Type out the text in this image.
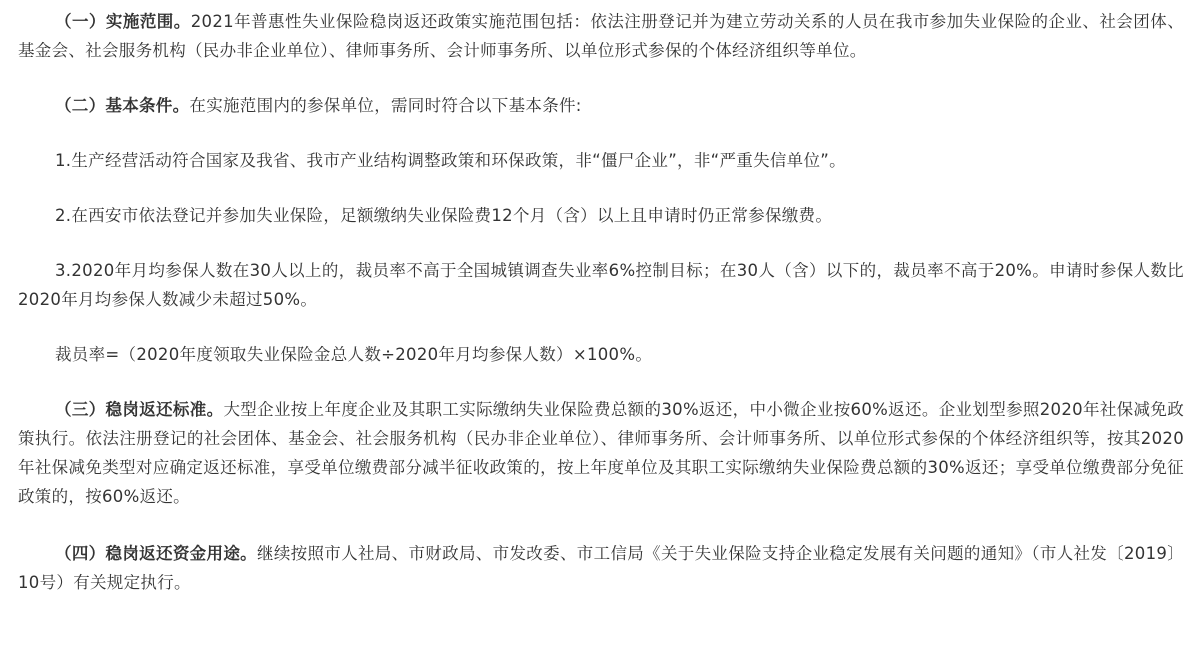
（一）实施范围。2021年普惠性失业保险稳岗返还政策实施范围包括：依法注册登记并为建立劳动关系的人员在我市参加失业保险的企业、社会团体、基金会、社会服务机构（民办非企业单位）、律师事务所、会计师事务所、以单位形式参保的个体经济组织等单位。

（二）基本条件。在实施范围内的参保单位，需同时符合以下基本条件:

1.生产经营活动符合国家及我省、我市产业结构调整政策和环保政策，非“僵尸企业”，非“严重失信单位”。

2.在西安市依法登记并参加失业保险，足额缴纳失业保险费12个月（含）以上且申请时仍正常参保缴费。

3.2020年月均参保人数在30人以上的，裁员率不高于全国城镇调查失业率6%控制目标；在30人（含）以下的，裁员率不高于20%。申请时参保人数比2020年月均参保人数减少未超过50%。

裁员率=（2020年度领取失业保险金总人数÷2020年月均参保人数）×100%。

（三）稳岗返还标准。大型企业按上年度企业及其职工实际缴纳失业保险费总额的30%返还，中小微企业按60%返还。企业划型参照2020年社保减免政策执行。依法注册登记的社会团体、基金会、社会服务机构（民办非企业单位）、律师事务所、会计师事务所、以单位形式参保的个体经济组织等，按其2020年社保减免类型对应确定返还标准，享受单位缴费部分减半征收政策的，按上年度单位及其职工实际缴纳失业保险费总额的30%返还；享受单位缴费部分免征政策的，按60%返还。

（四）稳岗返还资金用途。继续按照市人社局、市财政局、市发改委、市工信局《关于失业保险支持企业稳定发展有关问题的通知》（市人社发〔2019〕10号）有关规定执行。
